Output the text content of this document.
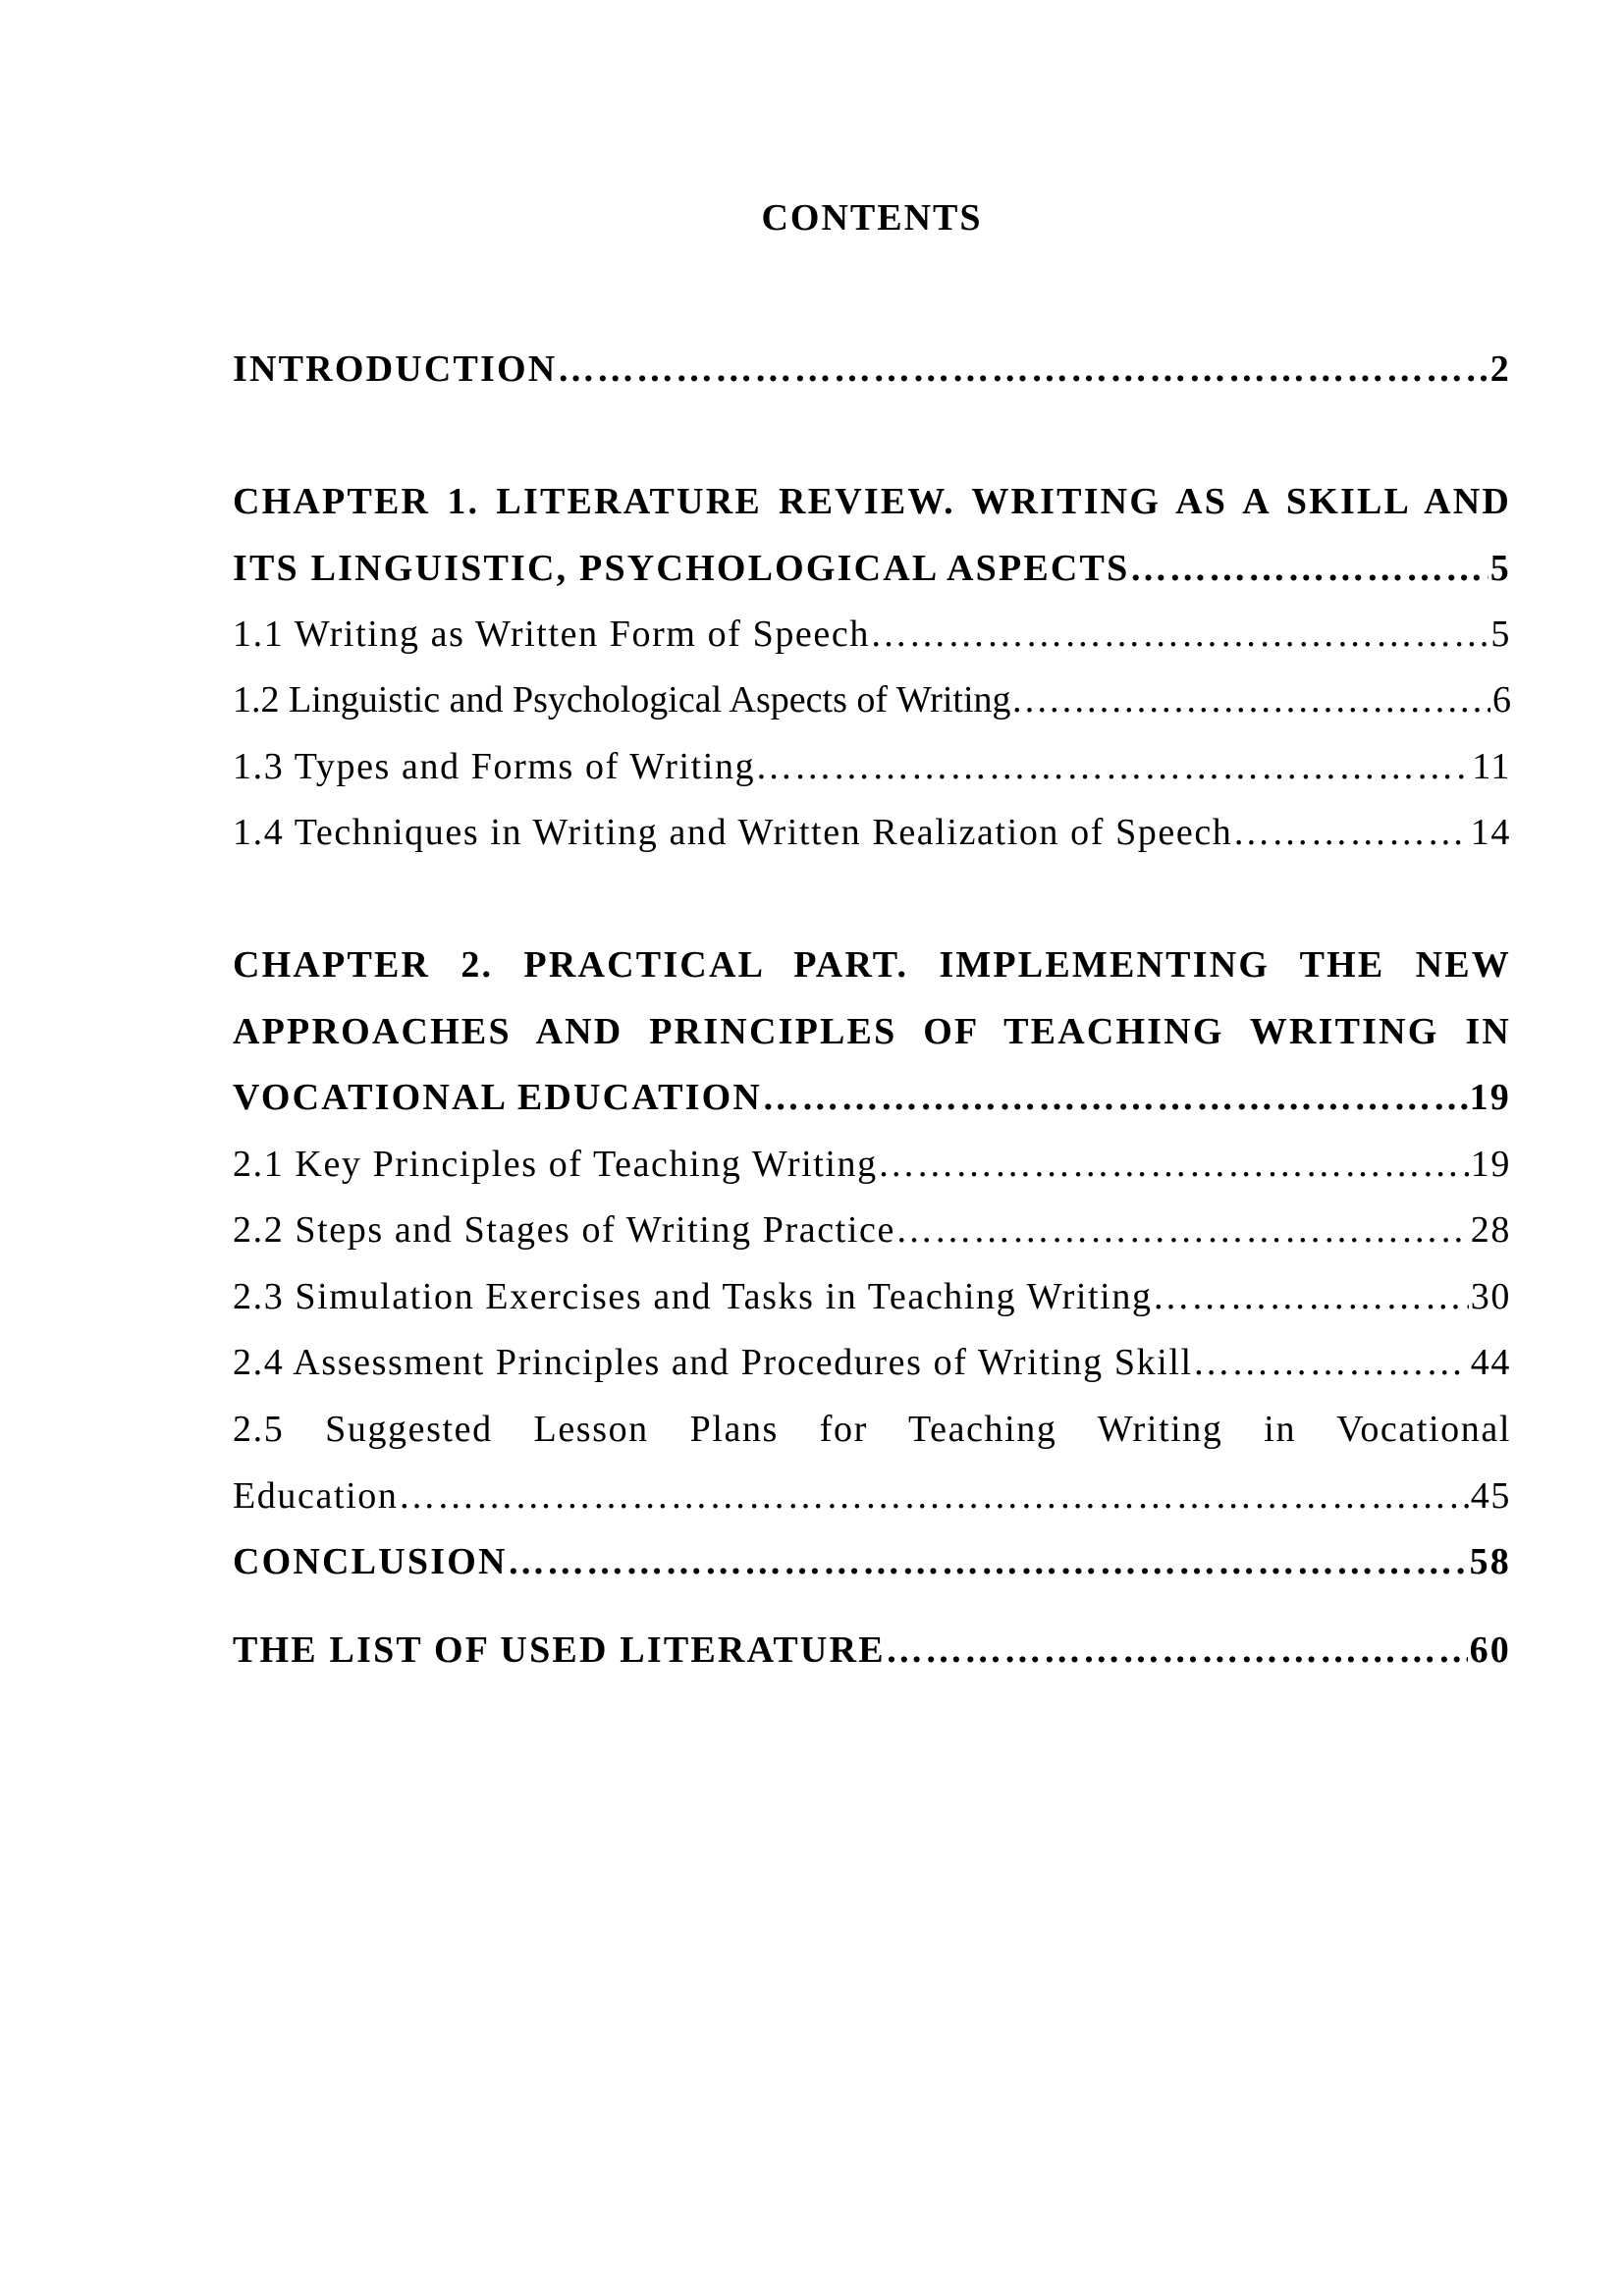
CONTENTS
INTRODUCTION …………………………………………………………………………………………………………………………………………………………………………………………………………………………	2
CHAPTER 1. LITERATURE REVIEW. WRITING AS A SKILL AND
ITS LINGUISTIC, PSYCHOLOGICAL ASPECTS …………………………………………………………………………………………………………………………………………………………………………………………………………………………	5
1.1 Writing as Written Form of Speech …………………………………………………………………………………………………………………………………………………………………………………………………………………………	5
1.2 Linguistic and Psychological Aspects of Writing …………………………………………………………………………………………………………………………………………………………………………………………………………………………	6
1.3 Types and Forms of Writing …………………………………………………………………………………………………………………………………………………………………………………………………………………………	11
1.4 Techniques in Writing and Written Realization of Speech …………………………………………………………………………………………………………………………………………………………………………………………………………………………	14
CHAPTER 2. PRACTICAL PART. IMPLEMENTING THE NEW
APPROACHES AND PRINCIPLES OF TEACHING WRITING IN
VOCATIONAL EDUCATION …………………………………………………………………………………………………………………………………………………………………………………………………………………………	19
2.1 Key Principles of Teaching Writing …………………………………………………………………………………………………………………………………………………………………………………………………………………………	19
2.2 Steps and Stages of Writing Practice …………………………………………………………………………………………………………………………………………………………………………………………………………………………	28
2.3 Simulation Exercises and Tasks in Teaching Writing …………………………………………………………………………………………………………………………………………………………………………………………………………………………	30
2.4 Assessment Principles and Procedures of Writing Skill …………………………………………………………………………………………………………………………………………………………………………………………………………………………	44
2.5 Suggested Lesson Plans for Teaching Writing in Vocational
Education …………………………………………………………………………………………………………………………………………………………………………………………………………………………	45
CONCLUSION …………………………………………………………………………………………………………………………………………………………………………………………………………………………	58
THE LIST OF USED LITERATURE …………………………………………………………………………………………………………………………………………………………………………………………………………………………	60
